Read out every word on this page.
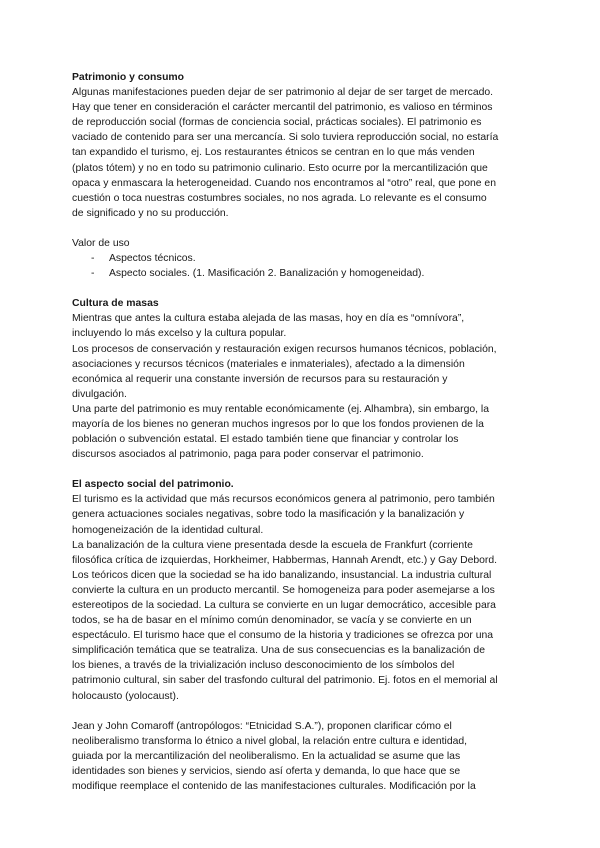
Patrimonio y consumo
Algunas manifestaciones pueden dejar de ser patrimonio al dejar de ser target de mercado.
Hay que tener en consideración el carácter mercantil del patrimonio, es valioso en términos
de reproducción social (formas de conciencia social, prácticas sociales). El patrimonio es
vaciado de contenido para ser una mercancía. Si solo tuviera reproducción social, no estaría
tan expandido el turismo, ej. Los restaurantes étnicos se centran en lo que más venden
(platos tótem) y no en todo su patrimonio culinario. Esto ocurre por la mercantilización que
opaca y enmascara la heterogeneidad. Cuando nos encontramos al “otro” real, que pone en
cuestión o toca nuestras costumbres sociales, no nos agrada. Lo relevante es el consumo
de significado y no su producción.
Valor de uso
- Aspectos técnicos.
- Aspecto sociales. (1. Masificación 2. Banalización y homogeneidad).
Cultura de masas
Mientras que antes la cultura estaba alejada de las masas, hoy en día es “omnívora”,
incluyendo lo más excelso y la cultura popular.
Los procesos de conservación y restauración exigen recursos humanos técnicos, población,
asociaciones y recursos técnicos (materiales e inmateriales), afectado a la dimensión
económica al requerir una constante inversión de recursos para su restauración y
divulgación.
Una parte del patrimonio es muy rentable económicamente (ej. Alhambra), sin embargo, la
mayoría de los bienes no generan muchos ingresos por lo que los fondos provienen de la
población o subvención estatal. El estado también tiene que financiar y controlar los
discursos asociados al patrimonio, paga para poder conservar el patrimonio.
El aspecto social del patrimonio.
El turismo es la actividad que más recursos económicos genera al patrimonio, pero también
genera actuaciones sociales negativas, sobre todo la masificación y la banalización y
homogeneización de la identidad cultural.
La banalización de la cultura viene presentada desde la escuela de Frankfurt (corriente
filosófica crítica de izquierdas, Horkheimer, Habbermas, Hannah Arendt, etc.) y Gay Debord.
Los teóricos dicen que la sociedad se ha ido banalizando, insustancial. La industria cultural
convierte la cultura en un producto mercantil. Se homogeneiza para poder asemejarse a los
estereotipos de la sociedad. La cultura se convierte en un lugar democrático, accesible para
todos, se ha de basar en el mínimo común denominador, se vacía y se convierte en un
espectáculo. El turismo hace que el consumo de la historia y tradiciones se ofrezca por una
simplificación temática que se teatraliza. Una de sus consecuencias es la banalización de
los bienes, a través de la trivialización incluso desconocimiento de los símbolos del
patrimonio cultural, sin saber del trasfondo cultural del patrimonio. Ej. fotos en el memorial al
holocausto (yolocaust).
Jean y John Comaroff (antropólogos: “Etnicidad S.A.”), proponen clarificar cómo el
neoliberalismo transforma lo étnico a nivel global, la relación entre cultura e identidad,
guiada por la mercantilización del neoliberalismo. En la actualidad se asume que las
identidades son bienes y servicios, siendo así oferta y demanda, lo que hace que se
modifique reemplace el contenido de las manifestaciones culturales. Modificación por la
